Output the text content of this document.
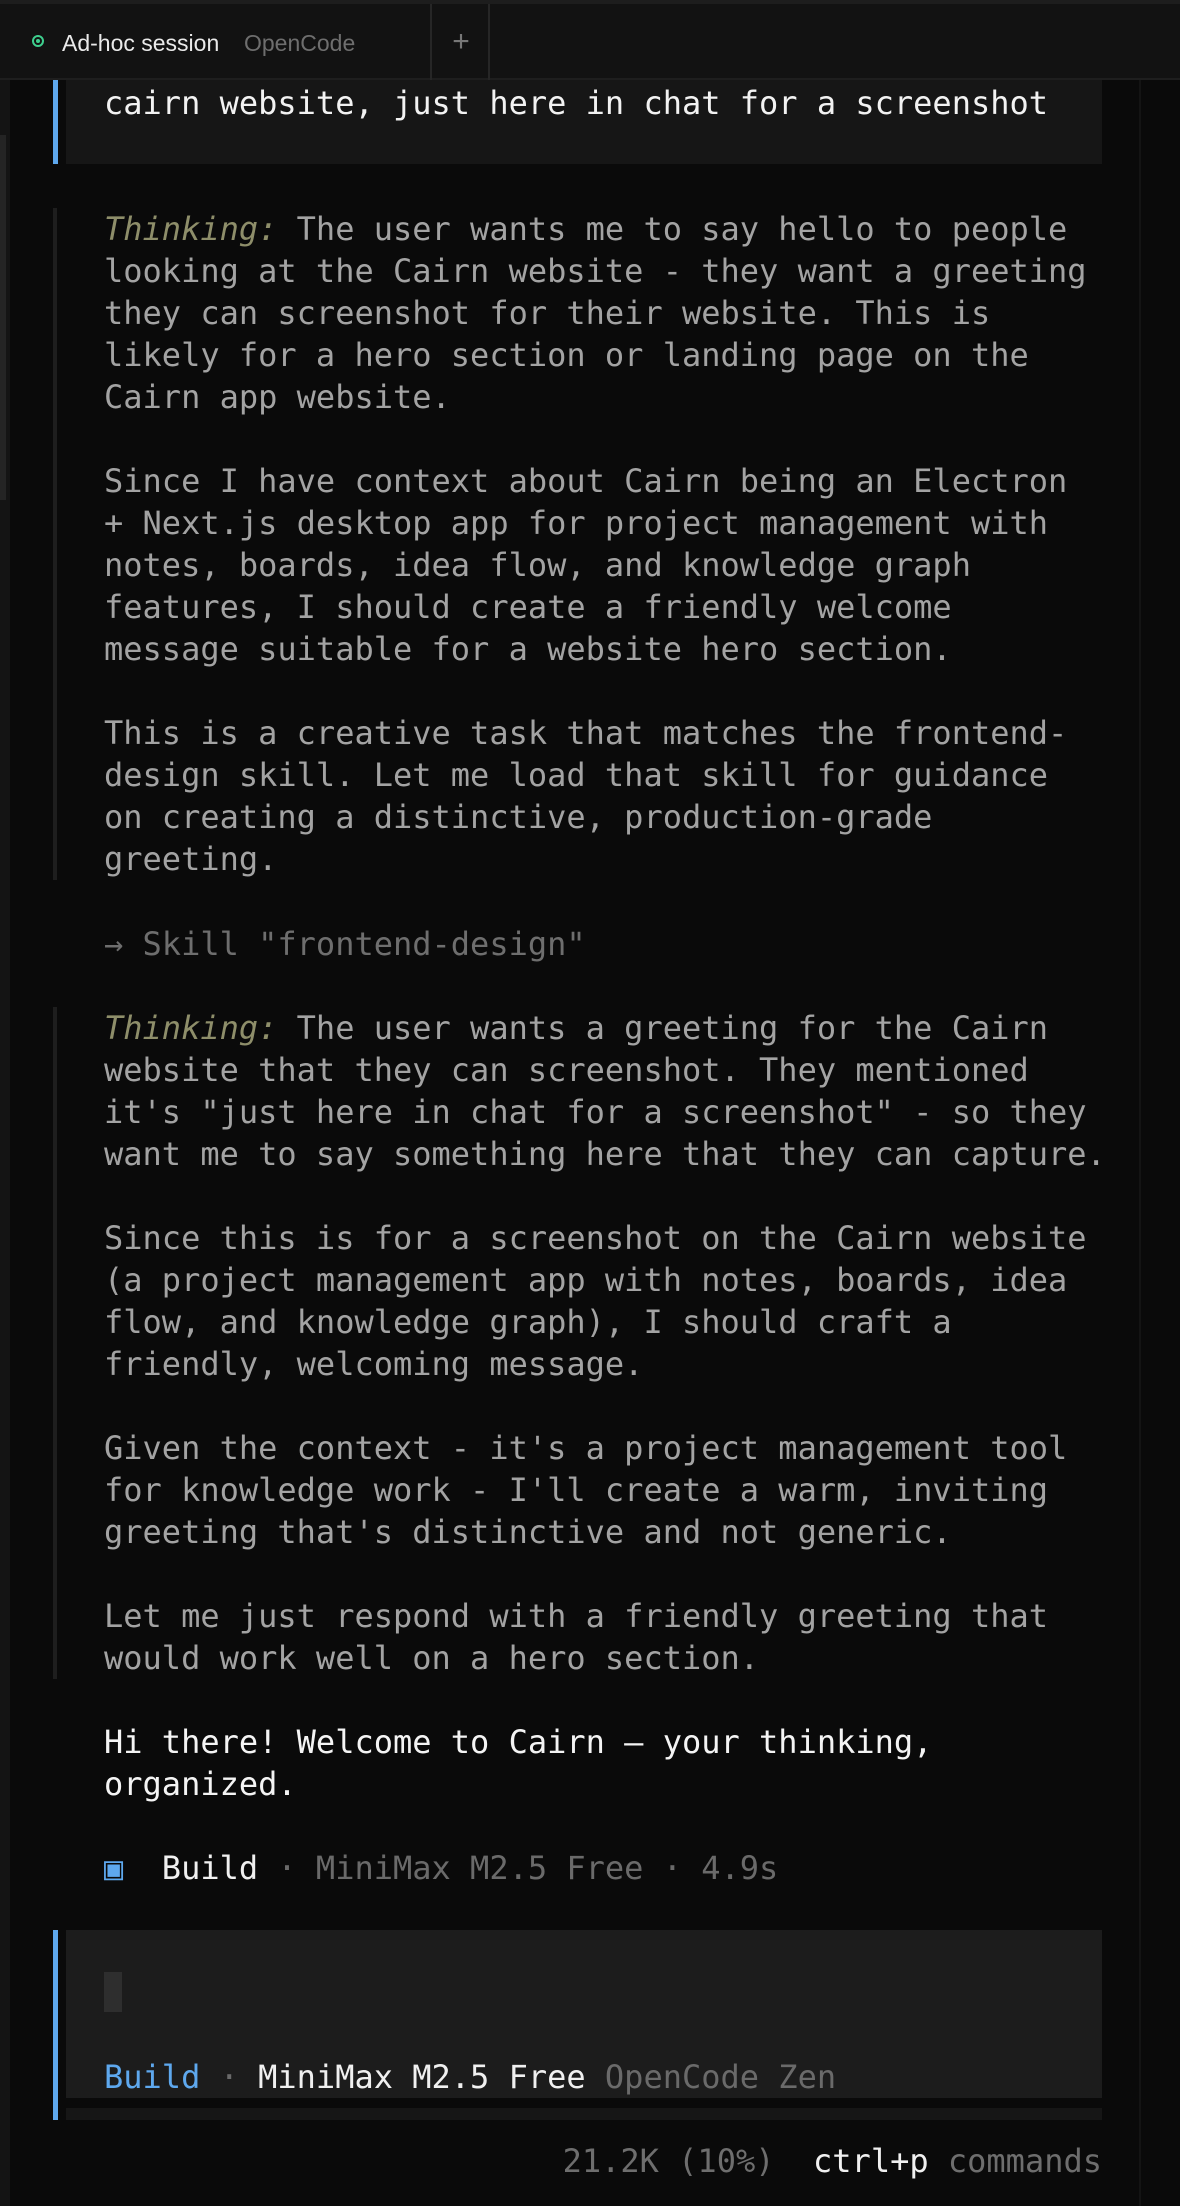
Ad-hoc session OpenCode	+
cairn website, just here in chat for a screenshot
Thinking: The user wants me to say hello to people
looking at the Cairn website - they want a greeting
they can screenshot for their website. This is
likely for a hero section or landing page on the
Cairn app website.

Since I have context about Cairn being an Electron
+ Next.js desktop app for project management with
notes, boards, idea flow, and knowledge graph
features, I should create a friendly welcome
message suitable for a website hero section.

This is a creative task that matches the frontend-
design skill. Let me load that skill for guidance
on creating a distinctive, production-grade
greeting.
→ Skill "frontend-design"
Thinking: The user wants a greeting for the Cairn
website that they can screenshot. They mentioned
it's "just here in chat for a screenshot" - so they
want me to say something here that they can capture.

Since this is for a screenshot on the Cairn website
(a project management app with notes, boards, idea
flow, and knowledge graph), I should craft a
friendly, welcoming message.

Given the context - it's a project management tool
for knowledge work - I'll create a warm, inviting
greeting that's distinctive and not generic.

Let me just respond with a friendly greeting that
would work well on a hero section.
Hi there! Welcome to Cairn — your thinking,
organized.
▣ Build · MiniMax M2.5 Free · 4.9s
Build · MiniMax M2.5 Free OpenCode Zen
21.2K (10%) ctrl+p commands
